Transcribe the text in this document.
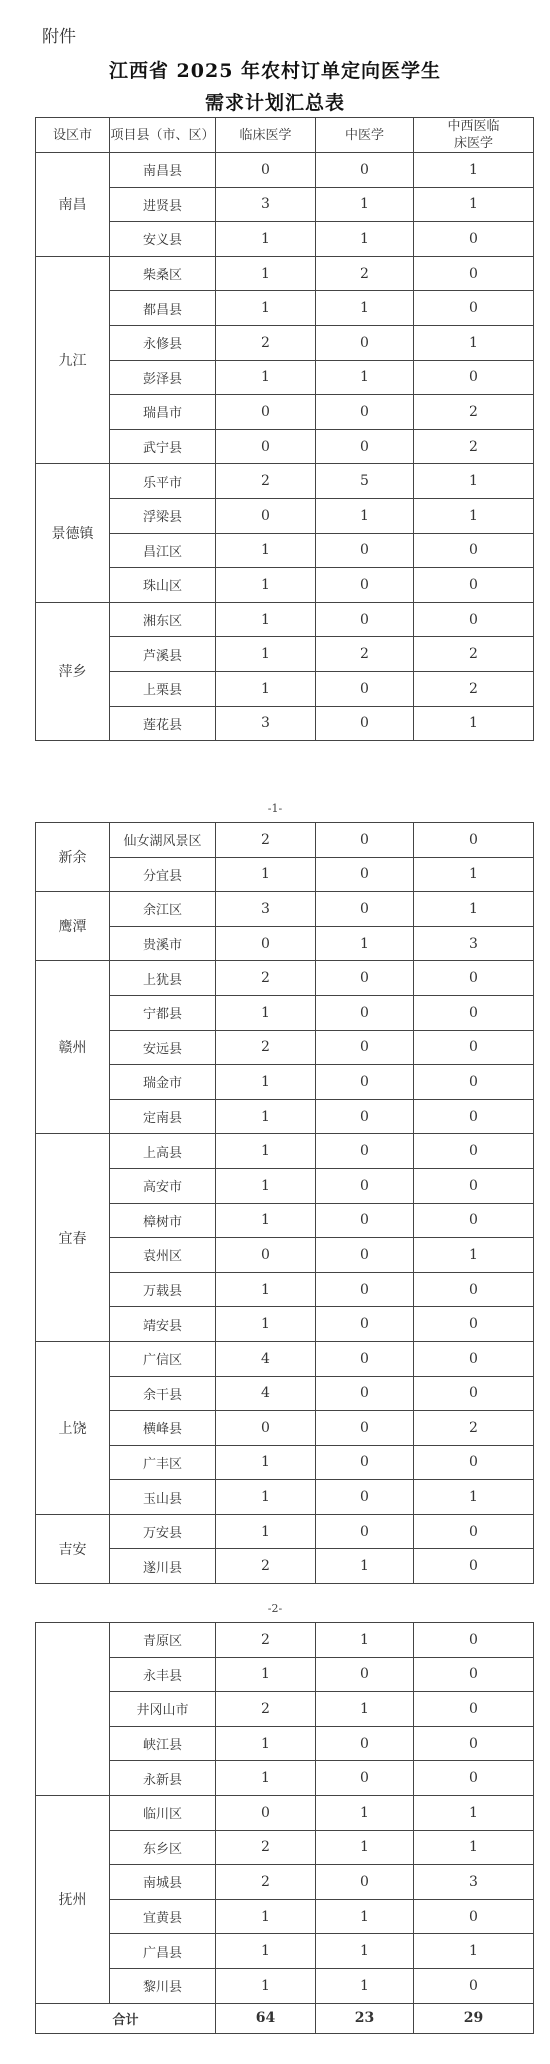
附件
江西省 2025 年农村订单定向医学生
需求计划汇总表
设区市	项目县（市、区）	临床医学	中医学	中西医临床医学

南昌	南昌县	0	0	1
	进贤县	3	1	1
	安义县	1	1	0
九江	柴桑区	1	2	0
	都昌县	1	1	0
	永修县	2	0	1
	彭泽县	1	1	0
	瑞昌市	0	0	2
	武宁县	0	0	2
景德镇	乐平市	2	5	1
	浮梁县	0	1	1
	昌江区	1	0	0
	珠山区	1	0	0
萍乡	湘东区	1	0	0
	芦溪县	1	2	2
	上栗县	1	0	2
	莲花县	3	0	1
-1-
新余	仙女湖风景区	2	0	0
	分宜县	1	0	1
鹰潭	余江区	3	0	1
	贵溪市	0	1	3
赣州	上犹县	2	0	0
	宁都县	1	0	0
	安远县	2	0	0
	瑞金市	1	0	0
	定南县	1	0	0
宜春	上高县	1	0	0
	高安市	1	0	0
	樟树市	1	0	0
	袁州区	0	0	1
	万载县	1	0	0
	靖安县	1	0	0
上饶	广信区	4	0	0
	余干县	4	0	0
	横峰县	0	0	2
	广丰区	1	0	0
	玉山县	1	0	1
吉安	万安县	1	0	0
	遂川县	2	1	0
-2-
	青原区	2	1	0
	永丰县	1	0	0
	井冈山市	2	1	0
	峡江县	1	0	0
	永新县	1	0	0
抚州	临川区	0	1	1
	东乡区	2	1	1
	南城县	2	0	3
	宜黄县	1	1	0
	广昌县	1	1	1
	黎川县	1	1	0
合计		64	23	29
